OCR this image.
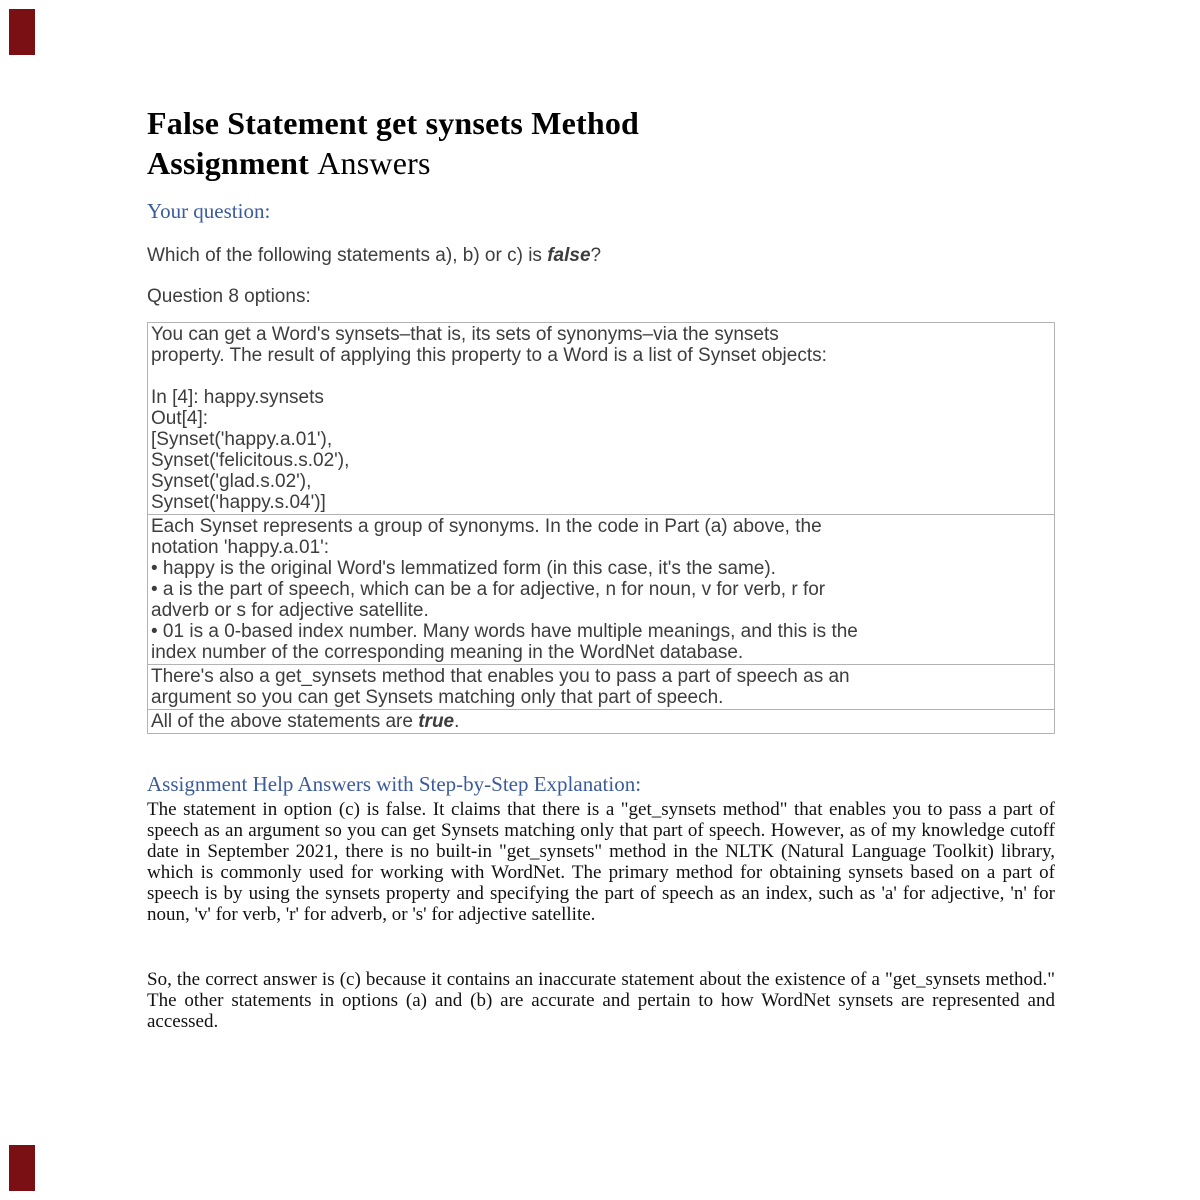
False Statement get synsets Method
Assignment Answers
Your question:

Which of the following statements a), b) or c) is false?

Question 8 options:

You can get a Word's synsets–that is, its sets of synonyms–via the synsets
property. The result of applying this property to a Word is a list of Synset objects:
In [4]: happy.synsets
Out[4]:
[Synset('happy.a.01'),
Synset('felicitous.s.02'),
Synset('glad.s.02'),
Synset('happy.s.04')]

Each Synset represents a group of synonyms. In the code in Part (a) above, the
notation 'happy.a.01':
• happy is the original Word's lemmatized form (in this case, it's the same).
• a is the part of speech, which can be a for adjective, n for noun, v for verb, r for
adverb or s for adjective satellite.
• 01 is a 0-based index number. Many words have multiple meanings, and this is the
index number of the corresponding meaning in the WordNet database.

There's also a get_synsets method that enables you to pass a part of speech as an
argument so you can get Synsets matching only that part of speech.

All of the above statements are true.
Assignment Help Answers with Step-by-Step Explanation:

The statement in option (c) is false. It claims that there is a "get_synsets method" that enables you to pass a part of speech as an argument so you can get Synsets matching only that part of speech. However, as of my knowledge cutoff date in September 2021, there is no built-in "get_synsets" method in the NLTK (Natural Language Toolkit) library, which is commonly used for working with WordNet. The primary method for obtaining synsets based on a part of speech is by using the synsets property and specifying the part of speech as an index, such as 'a' for adjective, 'n' for noun, 'v' for verb, 'r' for adverb, or 's' for adjective satellite.

So, the correct answer is (c) because it contains an inaccurate statement about the existence of a "get_synsets method." The other statements in options (a) and (b) are accurate and pertain to how WordNet synsets are represented and accessed.
